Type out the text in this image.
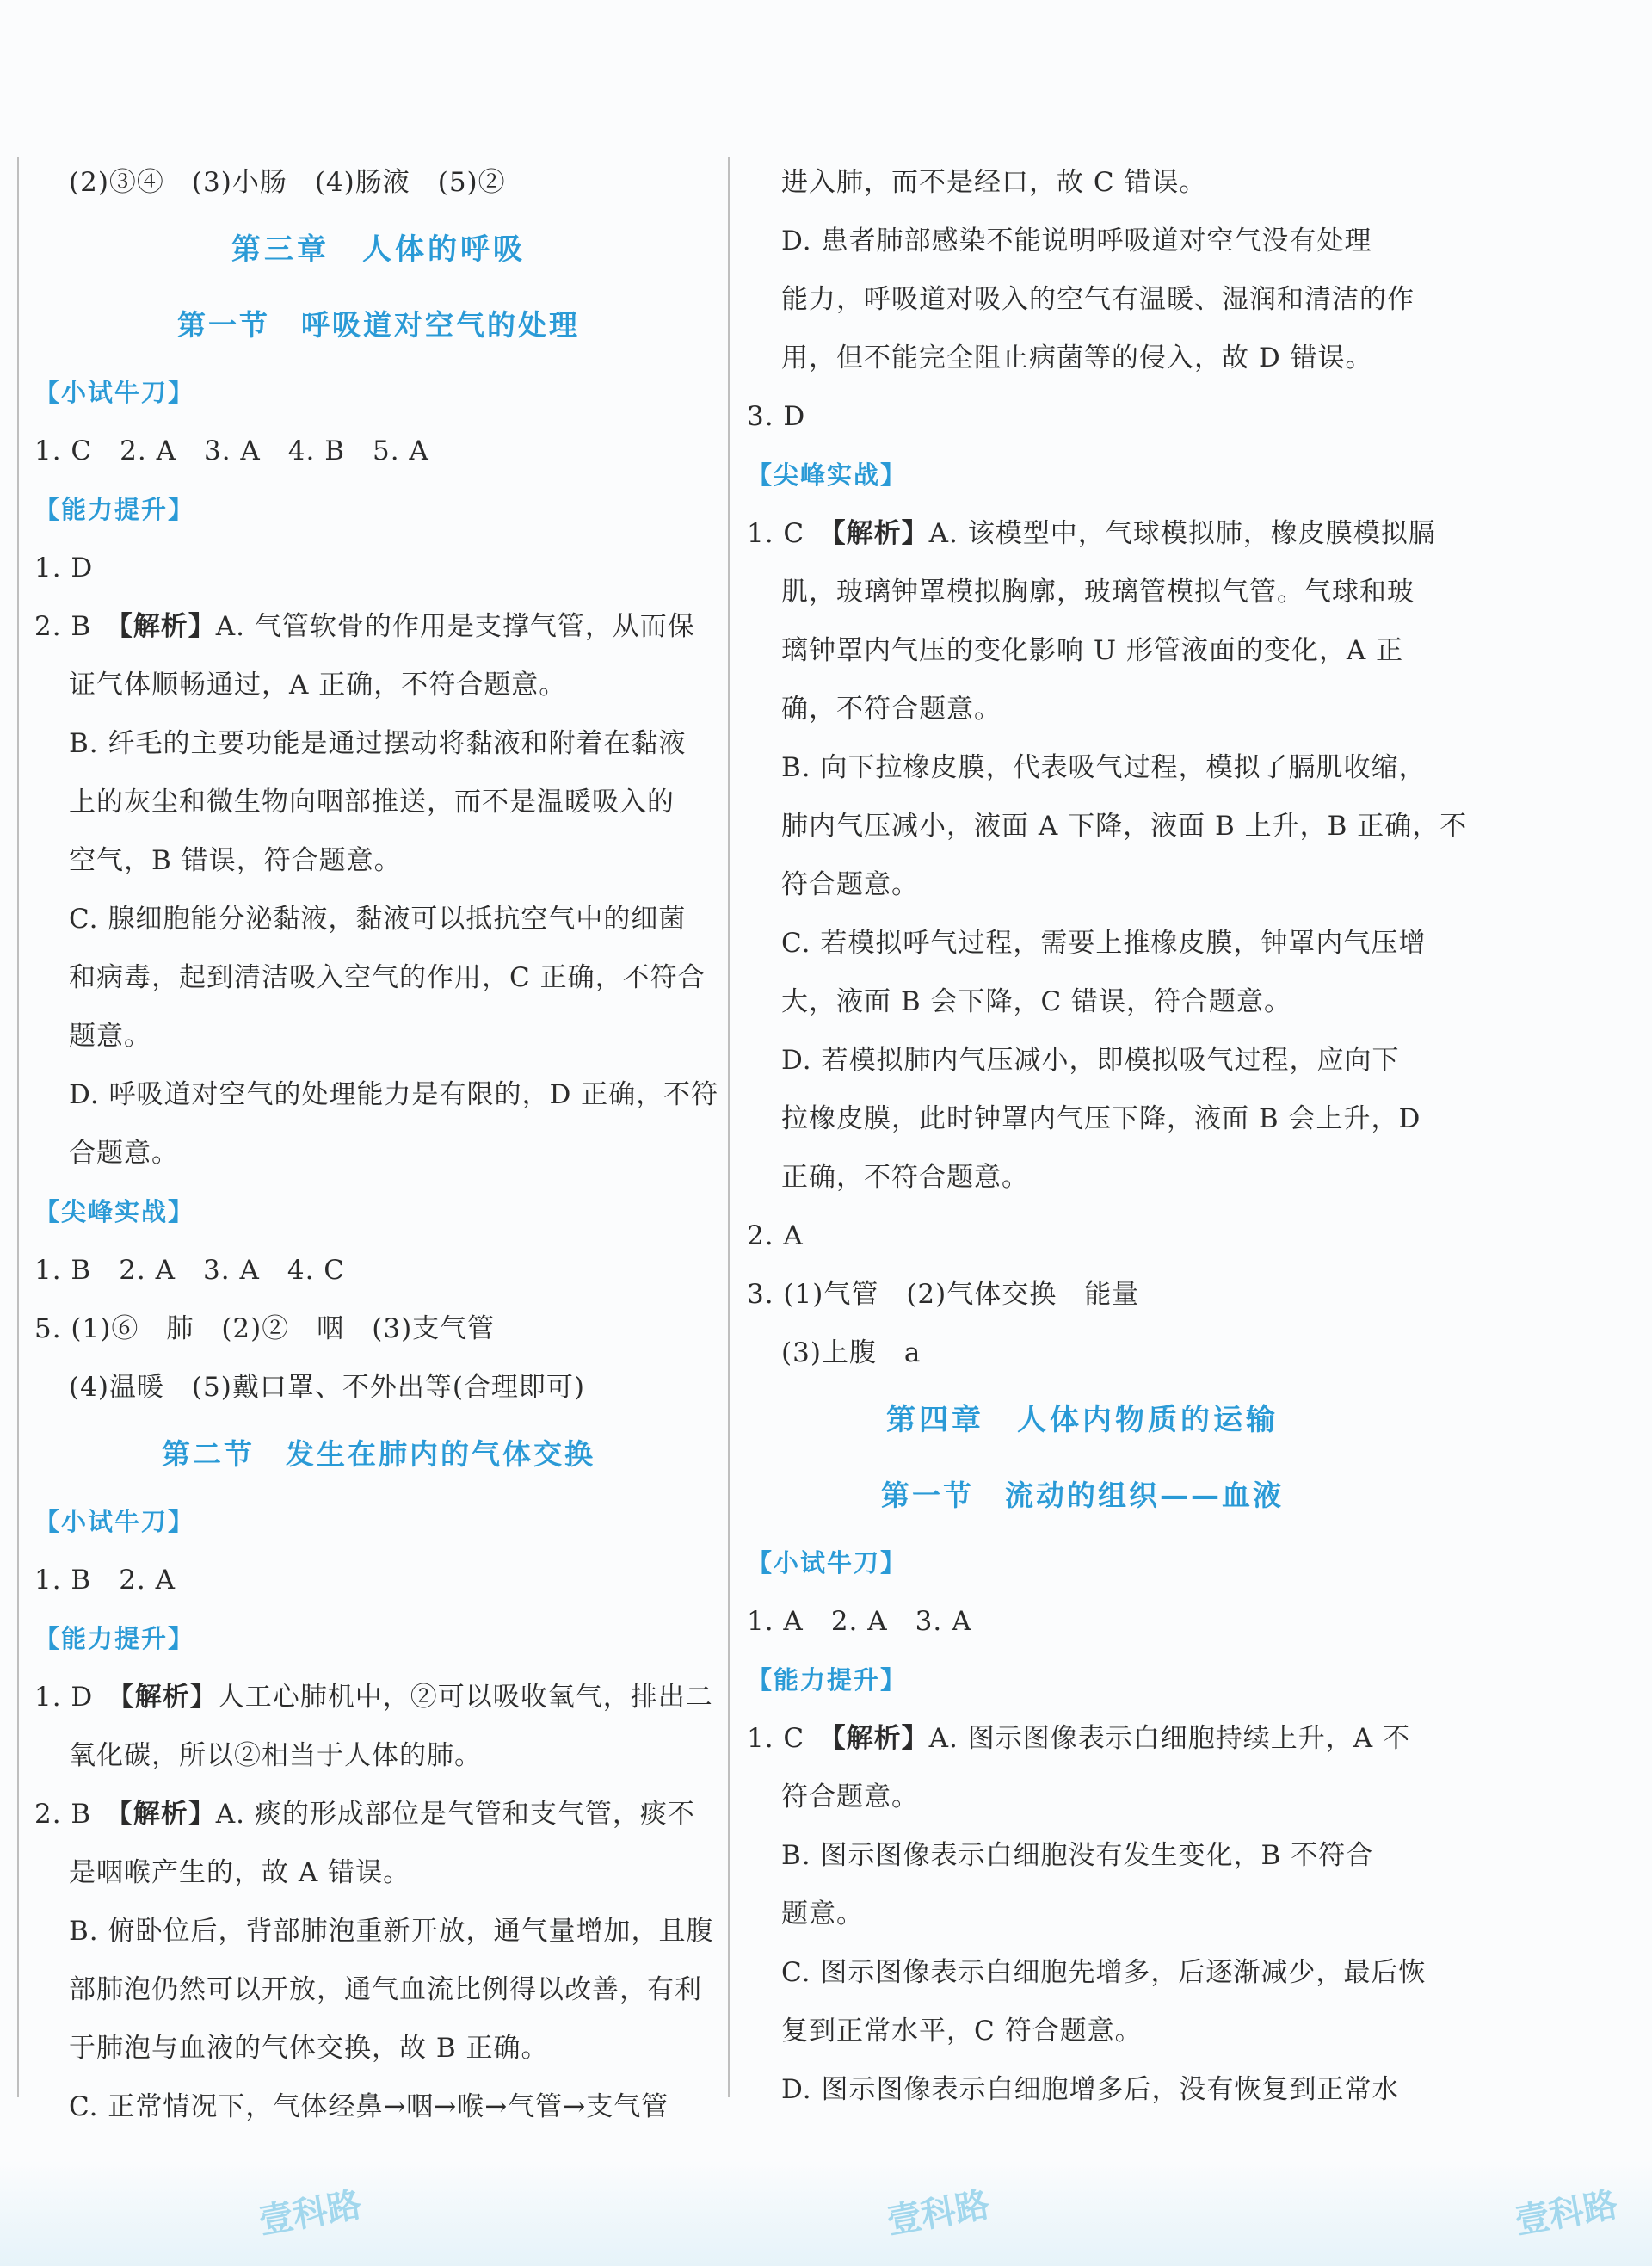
(2)③④　(3)小肠　(4)肠液　(5)②
第三章　人体的呼吸
第一节　呼吸道对空气的处理
【小试牛刀】
1. C　2. A　3. A　4. B　5. A
【能力提升】
1. D
2. B　【解析】A. 气管软骨的作用是支撑气管，从而保
证气体顺畅通过，A 正确，不符合题意。
B. 纤毛的主要功能是通过摆动将黏液和附着在黏液
上的灰尘和微生物向咽部推送，而不是温暖吸入的
空气，B 错误，符合题意。
C. 腺细胞能分泌黏液，黏液可以抵抗空气中的细菌
和病毒，起到清洁吸入空气的作用，C 正确，不符合
题意。
D. 呼吸道对空气的处理能力是有限的，D 正确，不符
合题意。
【尖峰实战】
1. B　2. A　3. A　4. C
5. (1)⑥　肺　(2)②　咽　(3)支气管
(4)温暖　(5)戴口罩、不外出等(合理即可)
第二节　发生在肺内的气体交换
【小试牛刀】
1. B　2. A
【能力提升】
1. D　【解析】人工心肺机中，②可以吸收氧气，排出二
氧化碳，所以②相当于人体的肺。
2. B　【解析】A. 痰的形成部位是气管和支气管，痰不
是咽喉产生的，故 A 错误。
B. 俯卧位后，背部肺泡重新开放，通气量增加，且腹
部肺泡仍然可以开放，通气血流比例得以改善，有利
于肺泡与血液的气体交换，故 B 正确。
C. 正常情况下，气体经鼻→咽→喉→气管→支气管
进入肺，而不是经口，故 C 错误。
D. 患者肺部感染不能说明呼吸道对空气没有处理
能力，呼吸道对吸入的空气有温暖、湿润和清洁的作
用，但不能完全阻止病菌等的侵入，故 D 错误。
3. D
【尖峰实战】
1. C　【解析】A. 该模型中，气球模拟肺，橡皮膜模拟膈
肌，玻璃钟罩模拟胸廓，玻璃管模拟气管。气球和玻
璃钟罩内气压的变化影响 U 形管液面的变化，A 正
确，不符合题意。
B. 向下拉橡皮膜，代表吸气过程，模拟了膈肌收缩，
肺内气压减小，液面 A 下降，液面 B 上升，B 正确，不
符合题意。
C. 若模拟呼气过程，需要上推橡皮膜，钟罩内气压增
大，液面 B 会下降，C 错误，符合题意。
D. 若模拟肺内气压减小，即模拟吸气过程，应向下
拉橡皮膜，此时钟罩内气压下降，液面 B 会上升，D
正确，不符合题意。
2. A
3. (1)气管　(2)气体交换　能量
(3)上腹　a
第四章　人体内物质的运输
第一节　流动的组织——血液
【小试牛刀】
1. A　2. A　3. A
【能力提升】
1. C　【解析】A. 图示图像表示白细胞持续上升，A 不
符合题意。
B. 图示图像表示白细胞没有发生变化，B 不符合
题意。
C. 图示图像表示白细胞先增多，后逐渐减少，最后恢
复到正常水平，C 符合题意。
D. 图示图像表示白细胞增多后，没有恢复到正常水
壹科路	壹科路	壹科路
